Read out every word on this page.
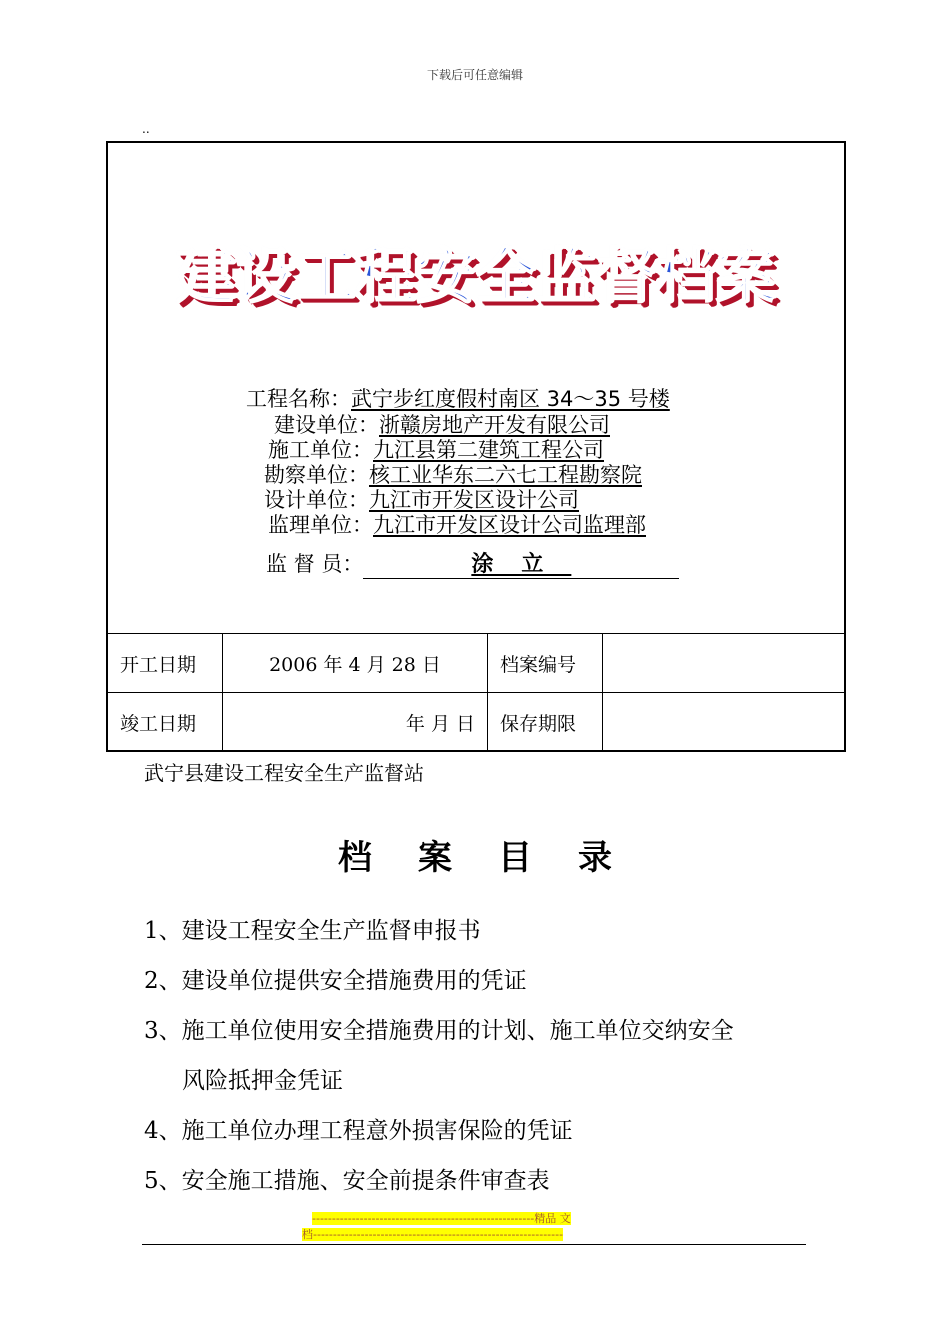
下载后可任意编辑
..
建设工程安全监督档案
工程名称：武宁步红度假村南区 34～35 号楼
建设单位：浙赣房地产开发有限公司
施工单位：九江县第二建筑工程公司
勘察单位：核工业华东二六七工程勘察院
设计单位：九江市开发区设计公司
监理单位：九江市开发区设计公司监理部
监 督 员：	涂立
开工日期	2006 年 4 月 28 日	档案编号	
竣工日期	年 月 日	保存期限	
武宁县建设工程安全生产监督站
档案目录
1、建设工程安全生产监督申报书
2、建设单位提供安全措施费用的凭证
3、施工单位使用安全措施费用的计划、施工单位交纳安全
风险抵押金凭证
4、施工单位办理工程意外损害保险的凭证
5、安全施工措施、安全前提条件审查表
--------------------------------------------------------精品 文
档---------------------------------------------------------------
